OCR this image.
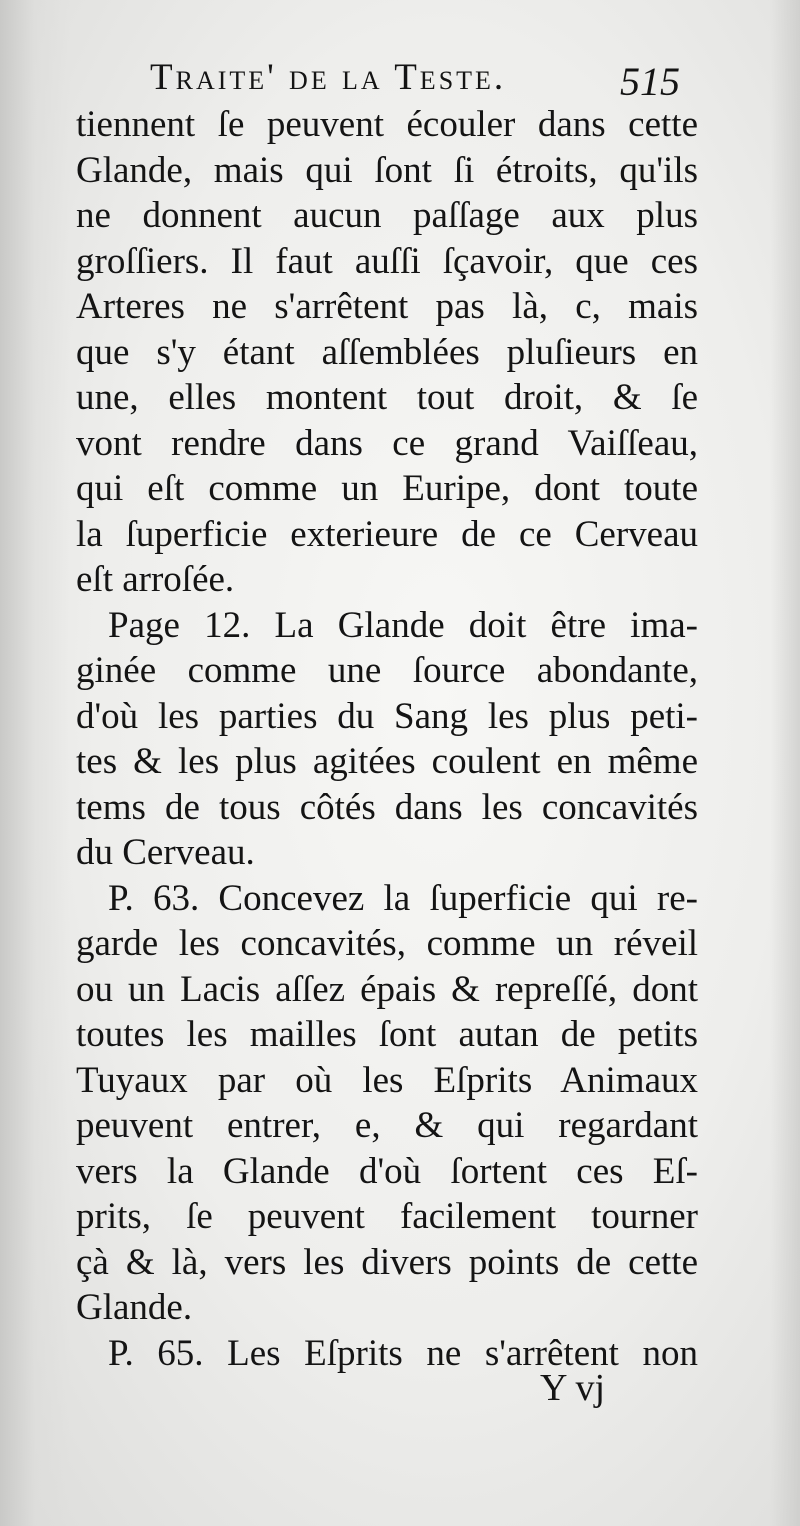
Traite' de la Teste.	515
tiennent ſe peuvent écouler dans cette
Glande, mais qui ſont ſi étroits, qu'ils
ne donnent aucun paſſage aux plus
groſſiers. Il faut auſſi ſçavoir, que ces
Arteres ne s'arrêtent pas là, c, mais
que s'y étant aſſemblées pluſieurs en
une, elles montent tout droit, & ſe
vont rendre dans ce grand Vaiſſeau,
qui eſt comme un Euripe, dont toute
la ſuperficie exterieure de ce Cerveau
eſt arroſée.
Page 12. La Glande doit être ima-
ginée comme une ſource abondante,
d'où les parties du Sang les plus peti-
tes & les plus agitées coulent en même
tems de tous côtés dans les concavités
du Cerveau.
P. 63. Concevez la ſuperficie qui re-
garde les concavités, comme un réveil
ou un Lacis aſſez épais & repreſſé, dont
toutes les mailles ſont autan de petits
Tuyaux par où les Eſprits Animaux
peuvent entrer, e, & qui regardant
vers la Glande d'où ſortent ces Eſ-
prits, ſe peuvent facilement tourner
çà & là, vers les divers points de cette
Glande.
P. 65. Les Eſprits ne s'arrêtent non
Y vj
